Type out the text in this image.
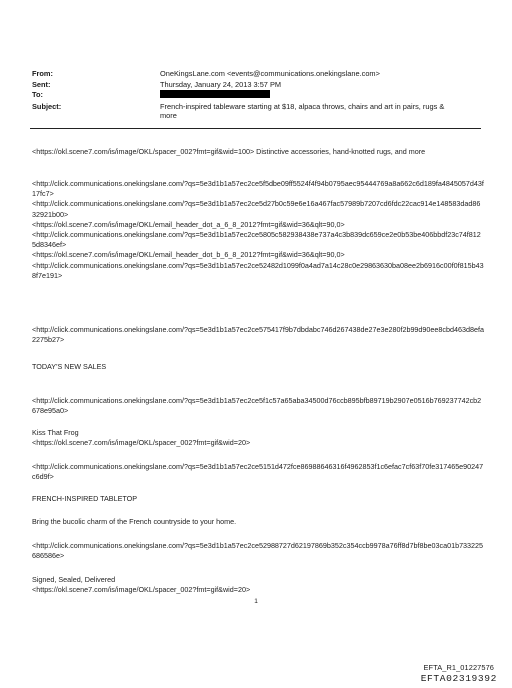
From:	OneKingsLane.com <events@communications.onekingslane.com>
Sent:	Thursday, January 24, 2013 3:57 PM
To:
Subject:	French-inspired tableware starting at $18, alpaca throws, chairs and art in pairs, rugs & more
<https://okl.scene7.com/is/image/OKL/spacer_002?fmt=gif&wid=100> Distinctive accessories, hand-knotted rugs, and more
<http://click.communications.onekingslane.com/?qs=5e3d1b1a57ec2ce5f5dbe09ff5524f4f94b0795aec95444769a8a662c6d189fa4845057d43f17fc7>
<http://click.communications.onekingslane.com/?qs=5e3d1b1a57ec2ce5d27b0c59e6e16a467fac57989b7207cd6fdc22cac914e148583dad8632921b00>
<https://okl.scene7.com/is/image/OKL/email_header_dot_a_6_8_2012?fmt=gif&wid=36&qlt=90,0>
<http://click.communications.onekingslane.com/?qs=5e3d1b1a57ec2ce5805c582938438e737a4c3b839dc659ce2e0b53be406bbdf23c74f8125d8346ef>
<https://okl.scene7.com/is/image/OKL/email_header_dot_b_6_8_2012?fmt=gif&wid=36&qlt=90,0>
<http://click.communications.onekingslane.com/?qs=5e3d1b1a57ec2ce52482d1099f0a4ad7a14c28c0e29863630ba08ee2b6916c00f0f815b438f7e191>
<http://click.communications.onekingslane.com/?qs=5e3d1b1a57ec2ce575417f9b7dbdabc746d267438de27e3e280f2b99d90ee8cbd463d8efa2275b27>
TODAY'S NEW SALES
<http://click.communications.onekingslane.com/?qs=5e3d1b1a57ec2ce5f1c57a65aba34500d76ccb895bfb89719b2907e0516b769237742cb2678e95a0>
Kiss That Frog
<https://okl.scene7.com/is/image/OKL/spacer_002?fmt=gif&wid=20>
<http://click.communications.onekingslane.com/?qs=5e3d1b1a57ec2ce5151d472fce86988646316f4962853f1c6efac7cf63f70fe317465e90247c6d9f>
FRENCH-INSPIRED TABLETOP
Bring the bucolic charm of the French countryside to your home.
<http://click.communications.onekingslane.com/?qs=5e3d1b1a57ec2ce52988727d62197869b352c354ccb9978a76ff8d7bf8be03ca01b733225686586e>
Signed, Sealed, Delivered
<https://okl.scene7.com/is/image/OKL/spacer_002?fmt=gif&wid=20>
1
EFTA_R1_01227576
EFTA02319392
